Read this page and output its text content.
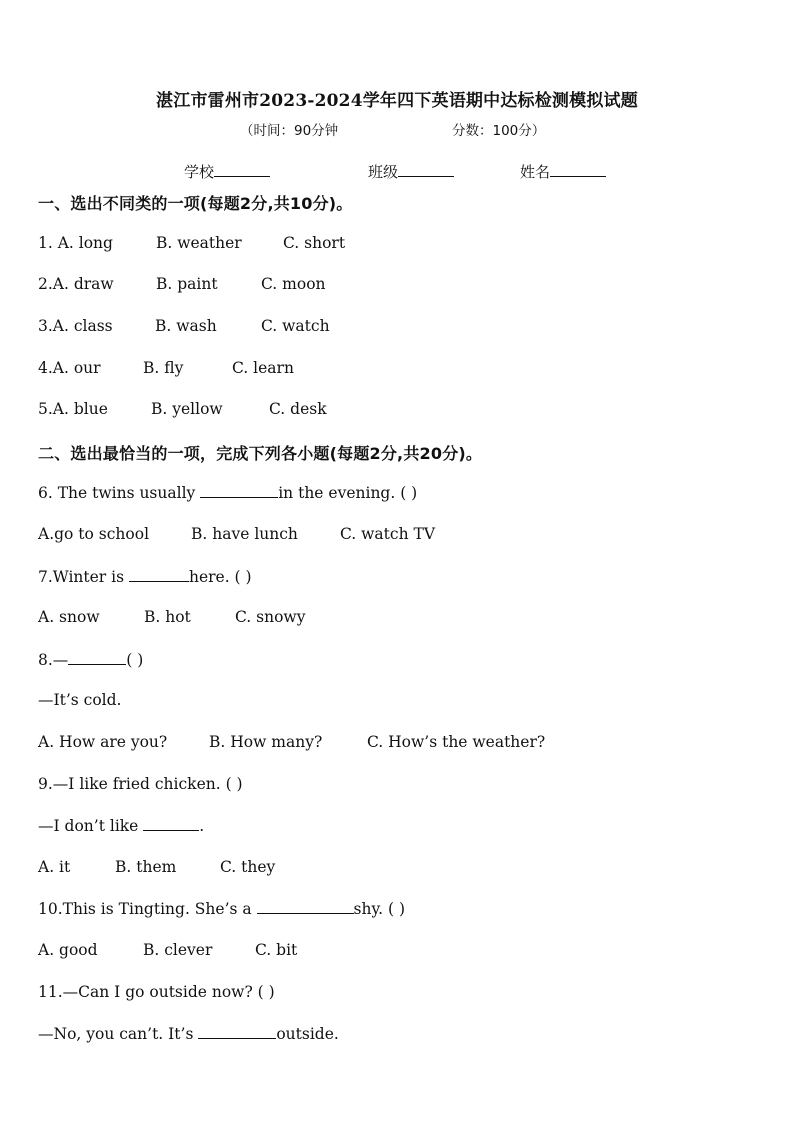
湛江市雷州市2023-2024学年四下英语期中达标检测模拟试题
（时间：90分钟	分数：100分）
学校	班级	姓名
一、选出不同类的一项(每题2分,共10分)。
1. A. long	B. weather	C. short
2.A. draw	B. paint	C. moon
3.A. class	B. wash	C. watch
4.A. our	B. fly	C. learn
5.A. blue	B. yellow	C. desk
二、选出最恰当的一项，完成下列各小题(每题2分,共20分)。
6. The twins usually	in the evening. ( )
A.go to school	B. have lunch	C. watch TV
7.Winter is	here. ( )
A. snow	B. hot	C. snowy
8.—	( )
—It’s cold.
A. How are you?	B. How many?	C. How’s the weather?
9.—I like fried chicken. ( )
—I don’t like	.
A. it	B. them	C. they
10.This is Tingting. She’s a	shy. ( )
A. good	B. clever	C. bit
11.—Can I go outside now? ( )
—No, you can’t. It’s	outside.
